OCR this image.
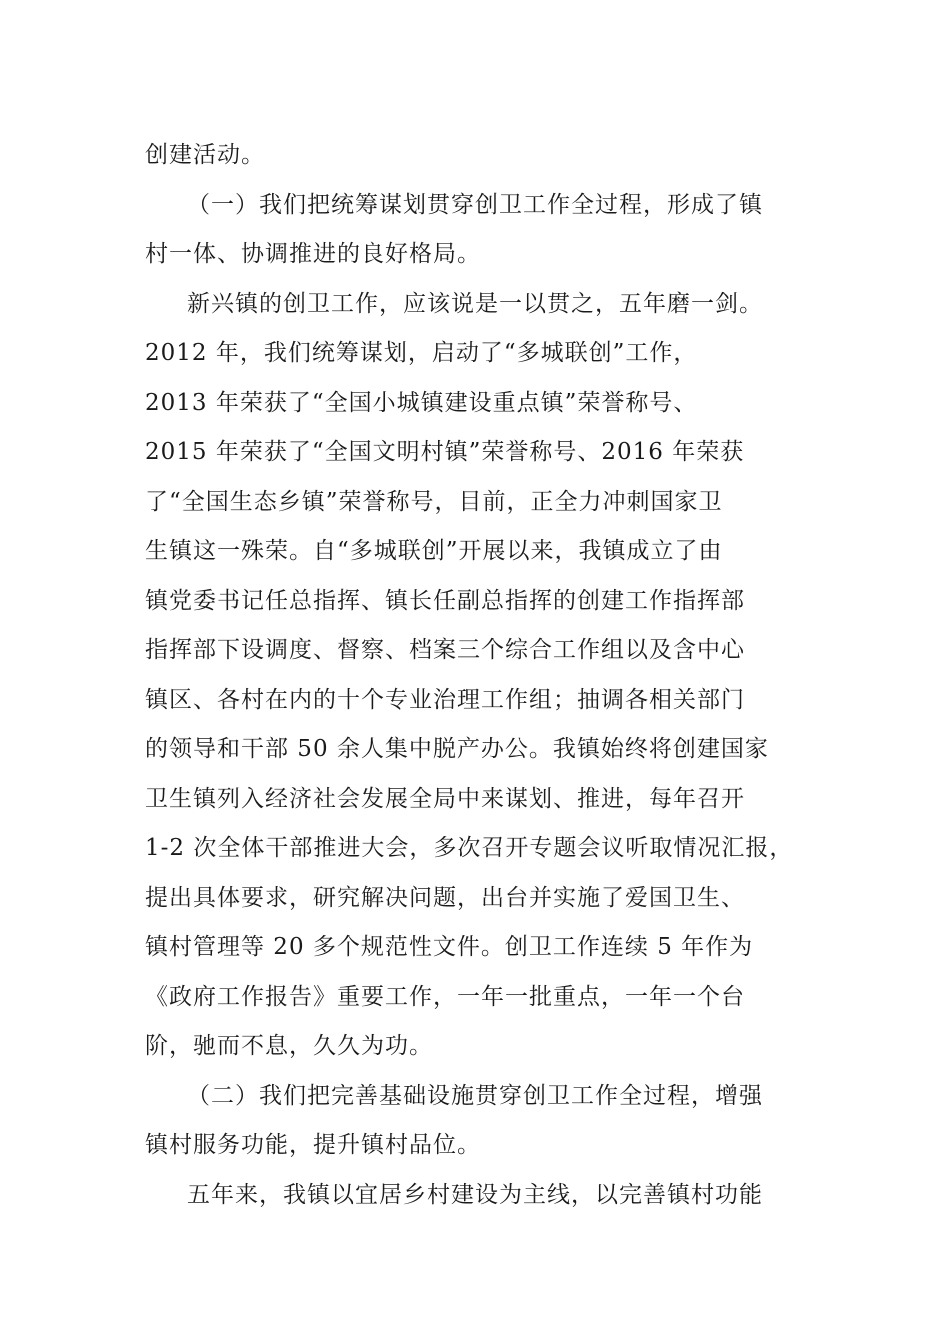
创建活动。
（一）我们把统筹谋划贯穿创卫工作全过程，形成了镇
村一体、协调推进的良好格局。
新兴镇的创卫工作，应该说是一以贯之，五年磨一剑。
2012 年，我们统筹谋划，启动了“多城联创”工作，
2013 年荣获了“全国小城镇建设重点镇”荣誉称号、
2015 年荣获了“全国文明村镇”荣誉称号、2016 年荣获
了“全国生态乡镇”荣誉称号，目前，正全力冲刺国家卫
生镇这一殊荣。自“多城联创”开展以来，我镇成立了由
镇党委书记任总指挥、镇长任副总指挥的创建工作指挥部
指挥部下设调度、督察、档案三个综合工作组以及含中心
镇区、各村在内的十个专业治理工作组；抽调各相关部门
的领导和干部 50 余人集中脱产办公。我镇始终将创建国家
卫生镇列入经济社会发展全局中来谋划、推进，每年召开
1-2 次全体干部推进大会，多次召开专题会议听取情况汇报，
提出具体要求，研究解决问题，出台并实施了爱国卫生、
镇村管理等 20 多个规范性文件。创卫工作连续 5 年作为
《政府工作报告》重要工作，一年一批重点，一年一个台
阶，驰而不息，久久为功。
（二）我们把完善基础设施贯穿创卫工作全过程，增强
镇村服务功能，提升镇村品位。
五年来，我镇以宜居乡村建设为主线，以完善镇村功能
